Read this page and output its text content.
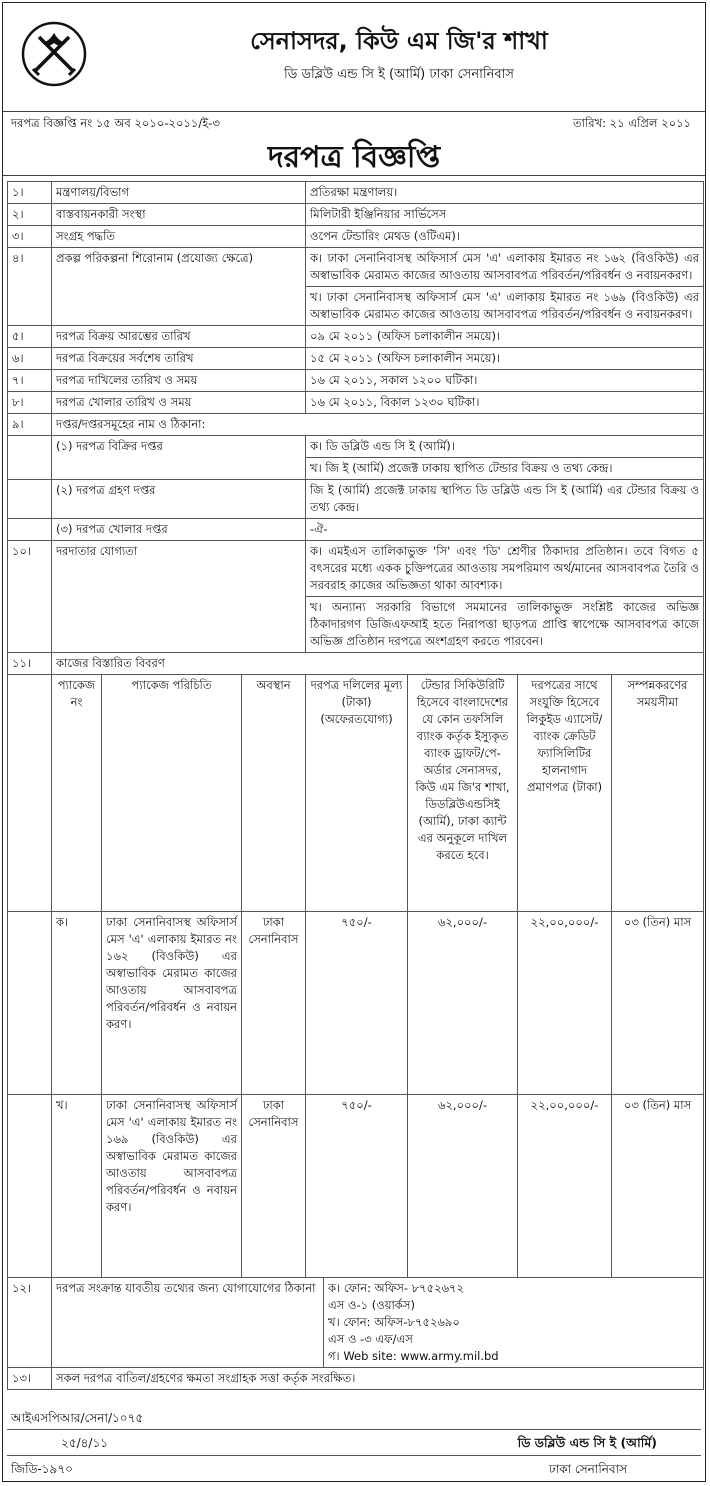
সেনাসদর, কিউ এম জি'র শাখা
ডি ডব্লিউ এন্ড সি ই (আর্মি) ঢাকা সেনানিবাস
দরপত্র বিজ্ঞপ্তি নং ১৫ অব ২০১০-২০১১/ই-৩	তারিখ: ২১ এপ্রিল ২০১১
দরপত্র বিজ্ঞপ্তি
১।	মন্ত্রণালয়/বিভাগ			প্রতিরক্ষা মন্ত্রণালয়।				
২।	বাস্তবায়নকারী সংস্থা			মিলিটারী ইঞ্জিনিয়ার সার্ভিসেস				
৩।	সংগ্রহ পদ্ধতি			ওপেন টেন্ডারিং মেথড (ওটিএম)।				
৪।	প্রকল্প পরিকল্পনা শিরোনাম (প্রযোজ্য ক্ষেত্রে)			ক। ঢাকা সেনানিবাসস্থ অফিসার্স মেস 'এ' এলাকায় ইমারত নং ১৬২ (বিওকিউ) এর অস্বাভাবিক মেরামত কাজের আওতায় আসবাবপত্র পরিবর্তন/পরিবর্ধন ও নবায়নকরণ।				
				খ। ঢাকা সেনানিবাসস্থ অফিসার্স মেস 'এ' এলাকায় ইমারত নং ১৬৯ (বিওকিউ) এর অস্বাভাবিক মেরামত কাজের আওতায় আসবাবপত্র পরিবর্তন/পরিবর্ধন ও নবায়নকরণ।				
৫।	দরপত্র বিক্রয় আরম্ভের তারিখ			০৯ মে ২০১১ (অফিস চলাকালীন সময়ে)।				
৬।	দরপত্র বিক্রয়ের সর্বশেষ তারিখ			১৫ মে ২০১১ (অফিস চলাকালীন সময়ে)।				
৭।	দরপত্র দাখিলের তারিখ ও সময়			১৬ মে ২০১১, সকাল ১২০০ ঘটিকা।				
৮।	দরপত্র খোলার তারিখ ও সময়			১৬ মে ২০১১, বিকাল ১২৩০ ঘটিকা।				
৯।	দপ্তর/দপ্তরসমূহের নাম ও ঠিকানা:							
	(১) দরপত্র বিক্রির দপ্তর			ক। ডি ডব্লিউ এন্ড সি ই (আর্মি)।				
				খ। জি ই (আর্মি) প্রজেক্ট ঢাকায় স্থাপিত টেন্ডার বিক্রয় ও তথ্য কেন্দ্র।				
	(২) দরপত্র গ্রহণ দপ্তর			জি ই (আর্মি) প্রজেক্ট ঢাকায় স্থাপিত ডি ডব্লিউ এন্ড সি ই (আর্মি) এর টেন্ডার বিক্রয় ও তথ্য কেন্দ্র।				
	(৩) দরপত্র খোলার দপ্তর			-ঐ-				
১০।	দরদাতার যোগ্যতা			ক। এমইএস তালিকাভুক্ত 'সি' এবং 'ডি' শ্রেণীর ঠিকাদার প্রতিষ্ঠান। তবে বিগত ৫ বৎসরের মধ্যে একক চুক্তিপত্রের আওতায় সমপরিমাণ অর্থ/মানের আসবাবপত্র তৈরি ও সরবরাহ কাজের অভিজ্ঞতা থাকা আবশ্যক।				
				খ। অন্যান্য সরকারি বিভাগে সমমানের তালিকাভুক্ত সংশ্লিষ্ট কাজের অভিজ্ঞ ঠিকাদারগণ ডিজিএফআই হতে নিরাপত্তা ছাড়পত্র প্রাপ্তি স্বাপেক্ষে আসবাবপত্র কাজে অভিজ্ঞ প্রতিষ্ঠান দরপত্রে অংশগ্রহণ করতে পারবেন।				
১১।	কাজের বিস্তারিত বিবরণ							
	প্যাকেজ নং	প্যাকেজ পরিচিতি	অবস্থান	দরপত্র দলিলের মূল্য (টাকা) (অফেরতযোগ্য)		টেন্ডার সিকিউরিটি হিসেবে বাংলাদেশের যে কোন তফসিলি ব্যাংক কর্তৃক ইস্যুকৃত ব্যাংক ড্রাফট/পে-অর্ডার সেনাসদর, কিউ এম জি'র শাখা, ডিডব্লিউএন্ডসিই (আর্মি), ঢাকা ক্যান্ট এর অনুকূলে দাখিল করতে হবে।	দরপত্রের সাথে সংযুক্তি হিসেবে লিকুইড এ্যাসেট/ব্যাংক ক্রেডিট ফ্যাসিলিটির হালনাগাদ প্রমাণপত্র (টাকা)	সম্পন্নকরণের সময়সীমা
	ক।	ঢাকা সেনানিবাসস্থ অফিসার্স মেস 'এ' এলাকায় ইমারত নং ১৬২ (বিওকিউ) এর অস্বাভাবিক মেরামত কাজের আওতায় আসবাবপত্র পরিবর্তন/পরিবর্ধন ও নবায়ন করণ।	ঢাকা সেনানিবাস	৭৫০/-		৬২,০০০/-	২২,০০,০০০/-	০৩ (তিন) মাস
	খ।	ঢাকা সেনানিবাসস্থ অফিসার্স মেস 'এ' এলাকায় ইমারত নং ১৬৯ (বিওকিউ) এর অস্বাভাবিক মেরামত কাজের আওতায় আসবাবপত্র পরিবর্তন/পরিবর্ধন ও নবায়ন করণ।	ঢাকা সেনানিবাস	৭৫০/-		৬২,০০০/-	২২,০০,০০০/-	০৩ (তিন) মাস
১২।	দরপত্র সংক্রান্ত যাবতীয় তথ্যের জন্য যোগাযোগের ঠিকানা				ক। ফোন: অফিস- ৮৭৫২৬৭২
এস ও-১ (ওয়ার্কস)
খ। ফোন: অফিস-৮৭৫২৬৯০
এস ও -৩ এফ/এস
গ। Web site: www.army.mil.bd			

১৩।	সকল দরপত্র বাতিল/গ্রহণের ক্ষমতা সংগ্রাহক সত্তা কর্তৃক সংরক্ষিত।							
আইএসপিআর/সেনা/১০৭৫
২৫/৪/১১
জিডি-১৯৭০
ডি ডব্লিউ এন্ড সি ই (আর্মি)
ঢাকা সেনানিবাস
